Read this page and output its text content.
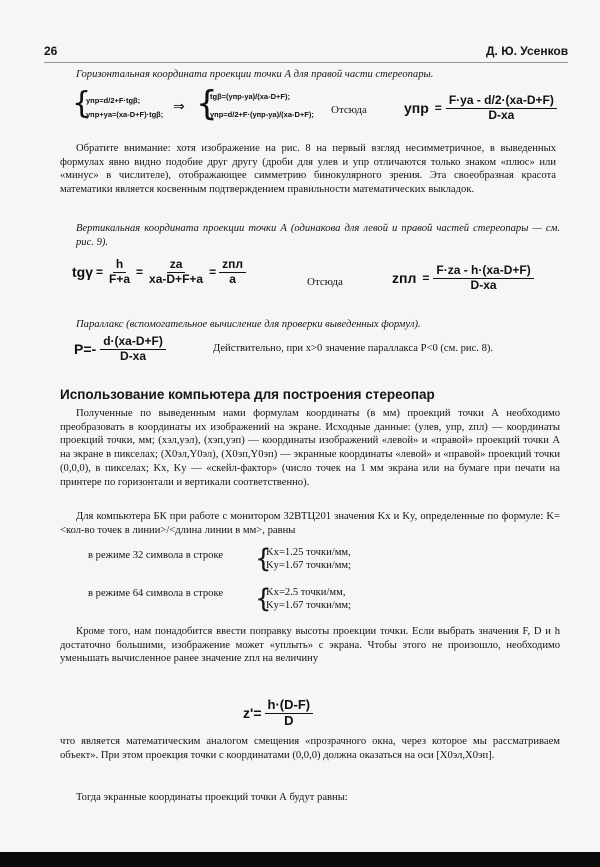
26	Д. Ю. Усенков

Горизонтальная координата проекции точки А для правой части стереопары.

{
yпр=d/2+F·tgβ;
yпр+ya=(xa-D+F)·tgβ; ⇒ {
tgβ=(yпр-ya)/(xa-D+F);
yпр=d/2+F·(yпр-ya)/(xa-D+F); Отсюда	yпр = $\frac{F\cdot ya - d/2\cdot(xa-D+F)}{D-xa}$

Обратите внимание: хотя изображение на рис. 8 на первый взгляд несимметричное, в выведенных формулах явно видно подобие друг другу (дроби для yлев и yпр отличаются только знаком «плюс» или «минус» в числителе), отображающее симметрию бинокулярного зрения. Эта своеобразная красота математики является косвенным подтверждением правильности математических выкладок.

Вертикальная координата проекции точки А (одинакова для левой и правой частей стереопары — см. рис. 9).

$tg\gamma = \frac{h}{F+a} = \frac{za}{xa-D+F+a} = \frac{\text{zпл}}{a}$	Отсюда	zпл = $\frac{F\cdot za - h\cdot(xa-D+F)}{D-xa}$

Параллакс (вспомогательное вычисление для проверки выведенных формул).

$P=- \frac{d\cdot(xa-D+F)}{D-xa}$	Действительно, при x>0 значение параллакса P<0 (см. рис. 8).
Использование компьютера для построения стереопар

Полученные по выведенным нами формулам координаты (в мм) проекций точки А необходимо преобразовать в координаты их изображений на экране. Исходные данные: (yлев, yпр, zпл) — координаты проекций точки, мм; (xэл,yэл), (xэп,yэп) — координаты изображений «левой» и «правой» проекций точки А на экране в пикселах; (X0эл,Y0эл), (X0эп,Y0эп) — экранные координаты «левой» и «правой» проекций точки (0,0,0), в пикселах; Kx, Ky — «скейл-фактор» (число точек на 1 мм экрана или на бумаге при печати на принтере по горизонтали и вертикали соответственно).

Для компьютера БК при работе с монитором 32ВТЦ201 значения Kx и Ky, определенные по формуле: K=<кол-во точек в линии>/<длина линии в мм>, равны

в режиме 32 символа в строке {
Kx=1.25 точки/мм,
Ky=1.67 точки/мм;
в режиме 64 символа в строке {
Kx=2.5 точки/мм,
Ky=1.67 точки/мм;

Кроме того, нам понадобится ввести поправку высоты проекции точки. Если выбрать значения F, D и h достаточно большими, изображение может «уплыть» с экрана. Чтобы этого не произошло, необходимо уменьшать вычисленное ранее значение zпл на величину

$z'= \frac{h\cdot(D-F)}{D}$

что является математическим аналогом смещения «прозрачного окна, через которое мы рассматриваем объект». При этом проекция точки с координатами (0,0,0) должна оказаться на оси [X0эл,X0эп].

Тогда экранные координаты проекций точки А будут равны:
